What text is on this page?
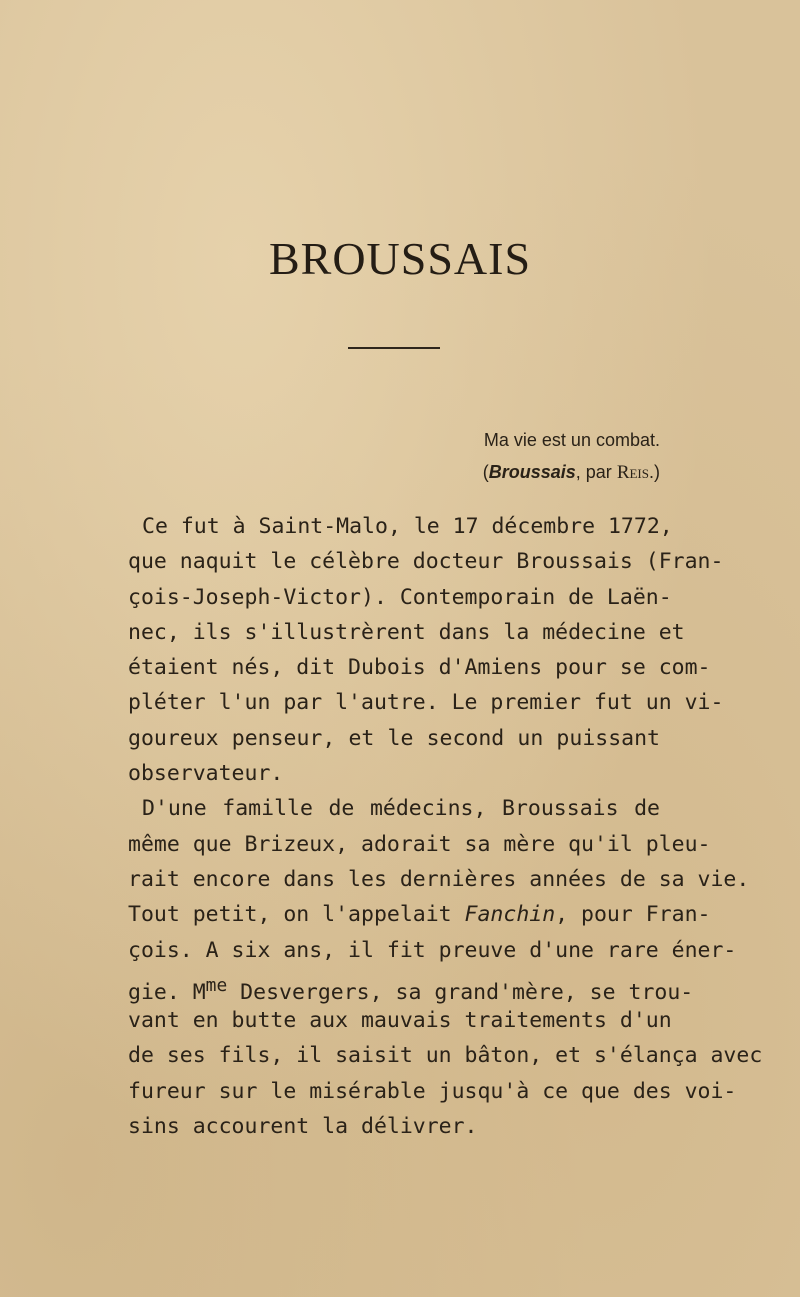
BROUSSAIS
Ma vie est un combat.
(Broussais, par Reis.)
Ce fut à Saint-Malo, le 17 décembre 1772,
que naquit le célèbre docteur Broussais (Fran-
çois-Joseph-Victor). Contemporain de Laën-
nec, ils s'illustrèrent dans la médecine et
étaient nés, dit Dubois d'Amiens pour se com-
pléter l'un par l'autre. Le premier fut un vi-
goureux penseur, et le second un puissant
observateur.
D'une famille de médecins, Broussais de
même que Brizeux, adorait sa mère qu'il pleu-
rait encore dans les dernières années de sa vie.
Tout petit, on l'appelait Fanchin, pour Fran-
çois. A six ans, il fit preuve d'une rare éner-
gie. $M^{me}$ Desvergers, sa grand'mère, se trou-
vant en butte aux mauvais traitements d'un
de ses fils, il saisit un bâton, et s'élança avec
fureur sur le misérable jusqu'à ce que des voi-
sins accourent la délivrer.
